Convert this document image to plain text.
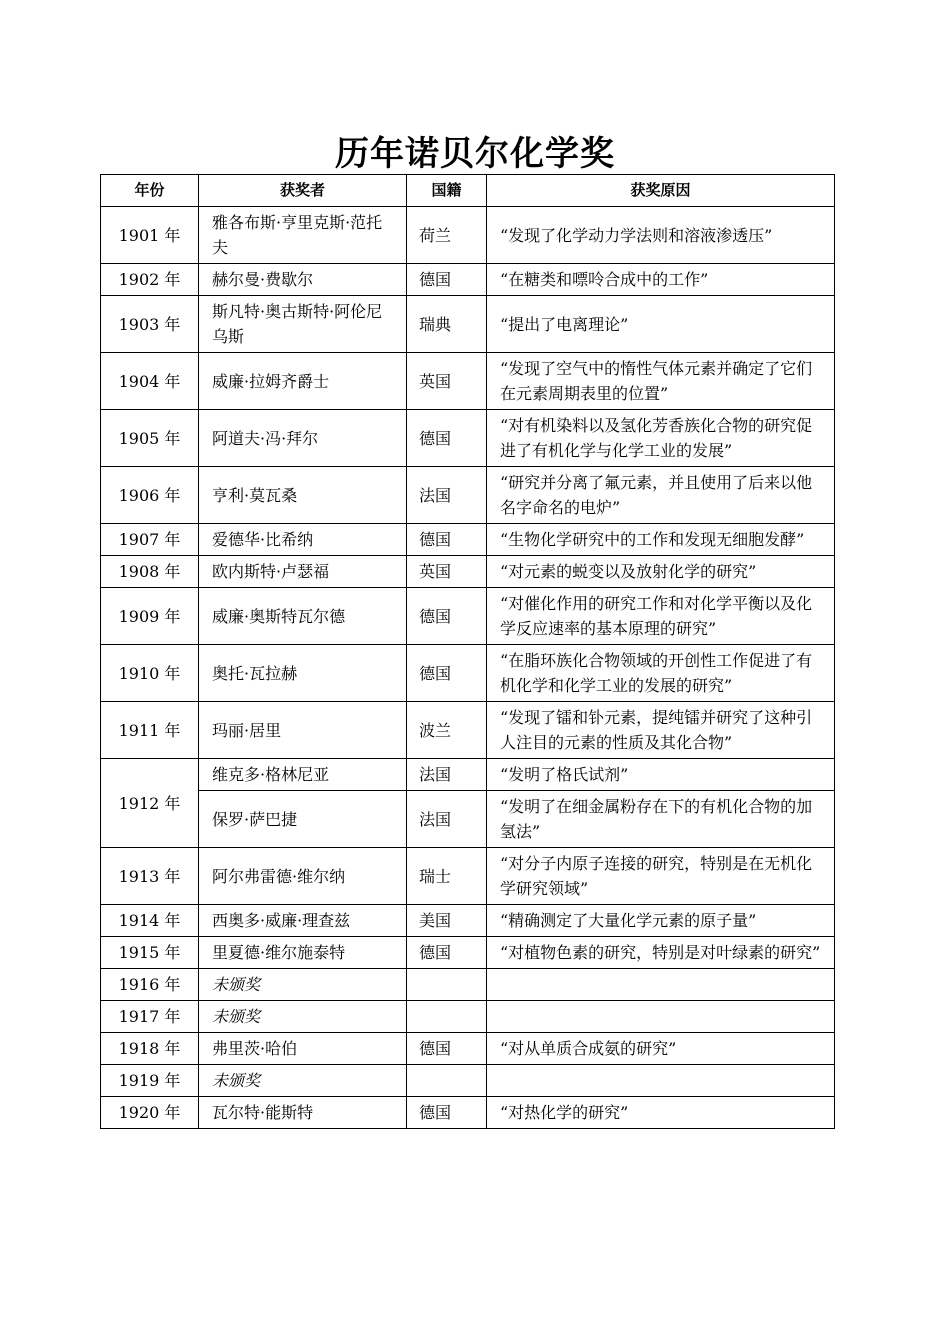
历年诺贝尔化学奖
年份	获奖者	国籍	获奖原因
1901 年	雅各布斯·亨里克斯·范托夫	荷兰	“发现了化学动力学法则和溶液渗透压”
1902 年	赫尔曼·费歇尔	德国	“在糖类和嘌呤合成中的工作”
1903 年	斯凡特·奥古斯特·阿伦尼乌斯	瑞典	“提出了电离理论”
1904 年	威廉·拉姆齐爵士	英国	“发现了空气中的惰性气体元素并确定了它们在元素周期表里的位置”
1905 年	阿道夫·冯·拜尔	德国	“对有机染料以及氢化芳香族化合物的研究促进了有机化学与化学工业的发展”
1906 年	亨利·莫瓦桑	法国	“研究并分离了氟元素，并且使用了后来以他名字命名的电炉”
1907 年	爱德华·比希纳	德国	“生物化学研究中的工作和发现无细胞发酵”
1908 年	欧内斯特·卢瑟福	英国	“对元素的蜕变以及放射化学的研究”
1909 年	威廉·奥斯特瓦尔德	德国	“对催化作用的研究工作和对化学平衡以及化学反应速率的基本原理的研究”
1910 年	奥托·瓦拉赫	德国	“在脂环族化合物领域的开创性工作促进了有机化学和化学工业的发展的研究”
1911 年	玛丽·居里	波兰	“发现了镭和钋元素，提纯镭并研究了这种引人注目的元素的性质及其化合物”
1912 年	维克多·格林尼亚	法国	“发明了格氏试剂”
	保罗·萨巴捷	法国	“发明了在细金属粉存在下的有机化合物的加氢法”
1913 年	阿尔弗雷德·维尔纳	瑞士	“对分子内原子连接的研究，特别是在无机化学研究领域”
1914 年	西奥多·威廉·理查兹	美国	“精确测定了大量化学元素的原子量”
1915 年	里夏德·维尔施泰特	德国	“对植物色素的研究，特别是对叶绿素的研究”
1916 年	未颁奖		
1917 年	未颁奖		
1918 年	弗里茨·哈伯	德国	“对从单质合成氨的研究”
1919 年	未颁奖		
1920 年	瓦尔特·能斯特	德国	“对热化学的研究”
